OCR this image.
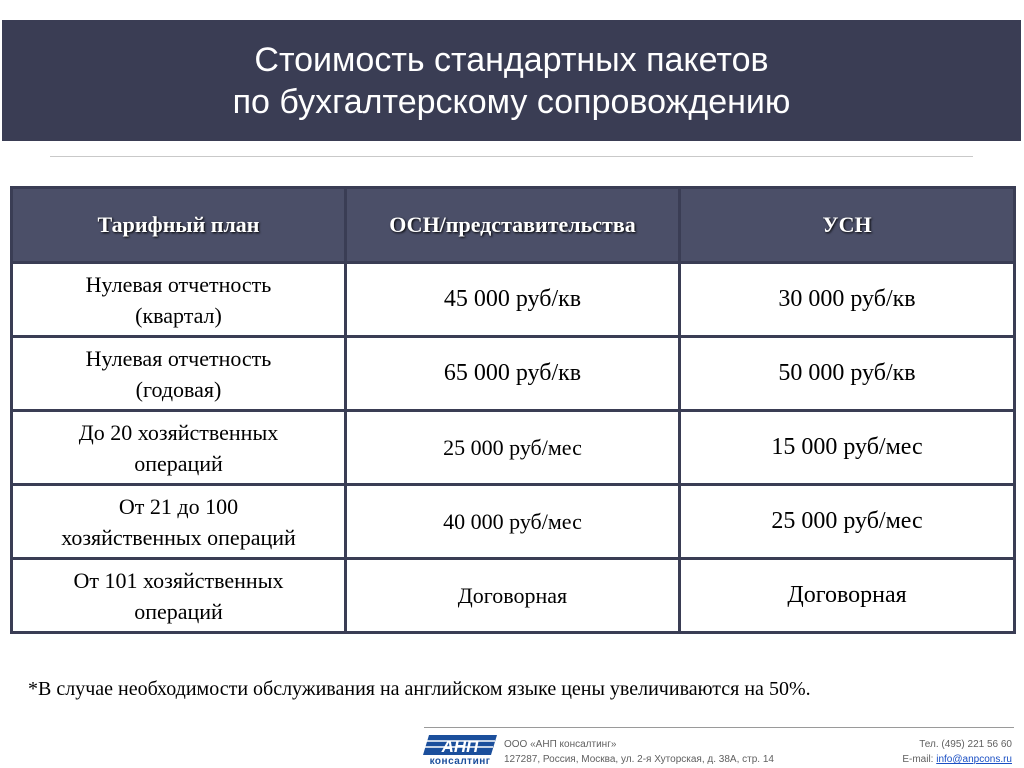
Стоимость стандартных пакетов
по бухгалтерскому сопровождению
Тарифный план	ОСН/представительства	УСН

Нулевая отчетность
(квартал)	45 000 руб/кв	30 000 руб/кв

Нулевая отчетность
(годовая)	65 000 руб/кв	50 000 руб/кв

До 20 хозяйственных
операций	25 000 руб/мес	15 000 руб/мес

От 21 до 100
хозяйственных операций	40 000 руб/мес	25 000 руб/мес

От 101 хозяйственных
операций	Договорная	Договорная
*В случае необходимости обслуживания на английском языке цены увеличиваются на 50%.
АНП
консалтинг
ООО «АНП консалтинг»
127287, Россия, Москва, ул. 2-я Хуторская, д. 38А, стр. 14
Тел. (495) 221 56 60
E-mail: info@anpcons.ru
